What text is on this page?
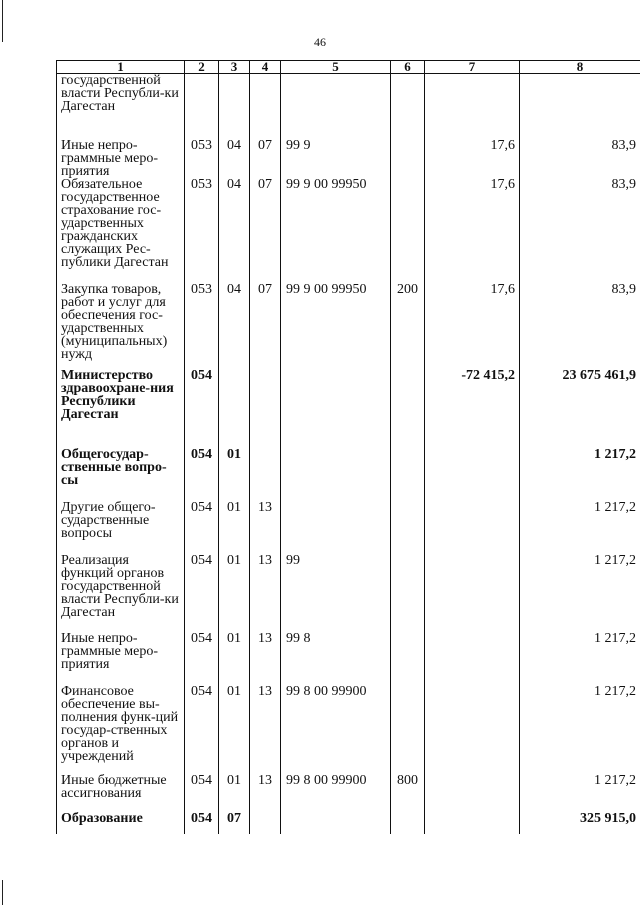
46
1	2	3	4	5	6	7	8
государственной власти Республи-ки Дагестан							
Иные непро-граммные меро-приятия	053	04	07	99 9		17,6	83,9
Обязательное государственное страхование гос-ударственных гражданских служащих Рес-публики Дагестан	053	04	07	99 9 00 99950		17,6	83,9
Закупка товаров, работ и услуг для обеспечения гос-ударственных (муниципальных) нужд	053	04	07	99 9 00 99950	200	17,6	83,9
Министерство здравоохране-ния Республики Дагестан	054					-72 415,2	23 675 461,9
Общегосудар-ственные вопро-сы	054	01					1 217,2
Другие общего-сударственные вопросы	054	01	13				1 217,2
Реализация функций органов государственной власти Республи-ки Дагестан	054	01	13	99			1 217,2
Иные непро-граммные меро-приятия	054	01	13	99 8			1 217,2
Финансовое обеспечение вы-полнения функ-ций государ-ственных органов и учреждений	054	01	13	99 8 00 99900			1 217,2
Иные бюджетные ассигнования	054	01	13	99 8 00 99900	800		1 217,2
Образование	054	07					325 915,0
